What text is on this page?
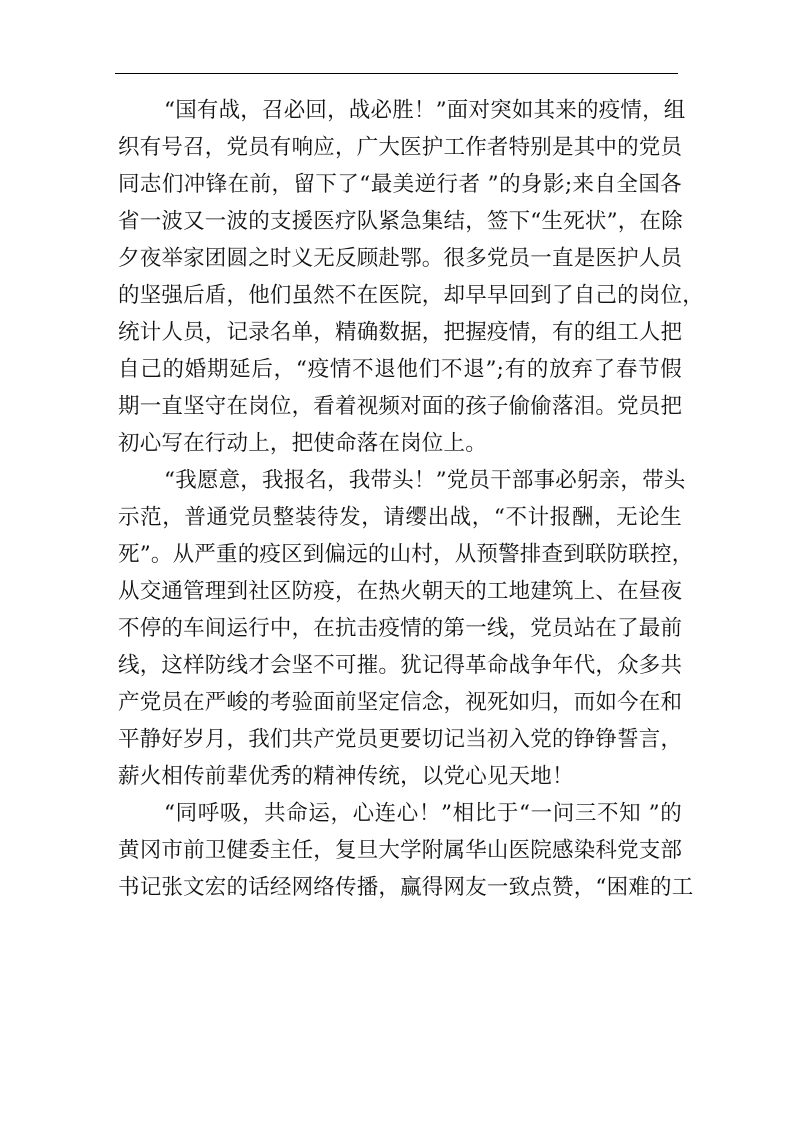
“国有战，召必回，战必胜！”面对突如其来的疫情，组
织有号召，党员有响应，广大医护工作者特别是其中的党员
同志们冲锋在前，留下了“最美逆行者 ”的身影;来自全国各
省一波又一波的支援医疗队紧急集结，签下“生死状”，在除
夕夜举家团圆之时义无反顾赴鄂。很多党员一直是医护人员
的坚强后盾，他们虽然不在医院，却早早回到了自己的岗位，
统计人员，记录名单，精确数据，把握疫情，有的组工人把
自己的婚期延后，“疫情不退他们不退”;有的放弃了春节假
期一直坚守在岗位，看着视频对面的孩子偷偷落泪。党员把
初心写在行动上，把使命落在岗位上。
“我愿意，我报名，我带头！”党员干部事必躬亲，带头
示范，普通党员整装待发，请缨出战，“不计报酬，无论生
死”。从严重的疫区到偏远的山村，从预警排查到联防联控，
从交通管理到社区防疫，在热火朝天的工地建筑上、在昼夜
不停的车间运行中，在抗击疫情的第一线，党员站在了最前
线，这样防线才会坚不可摧。犹记得革命战争年代，众多共
产党员在严峻的考验面前坚定信念，视死如归，而如今在和
平静好岁月，我们共产党员更要切记当初入党的铮铮誓言，
薪火相传前辈优秀的精神传统，以党心见天地！
“同呼吸，共命运，心连心！”相比于“一问三不知 ”的
黄冈市前卫健委主任，复旦大学附属华山医院感染科党支部
书记张文宏的话经网络传播，赢得网友一致点赞，“困难的工
